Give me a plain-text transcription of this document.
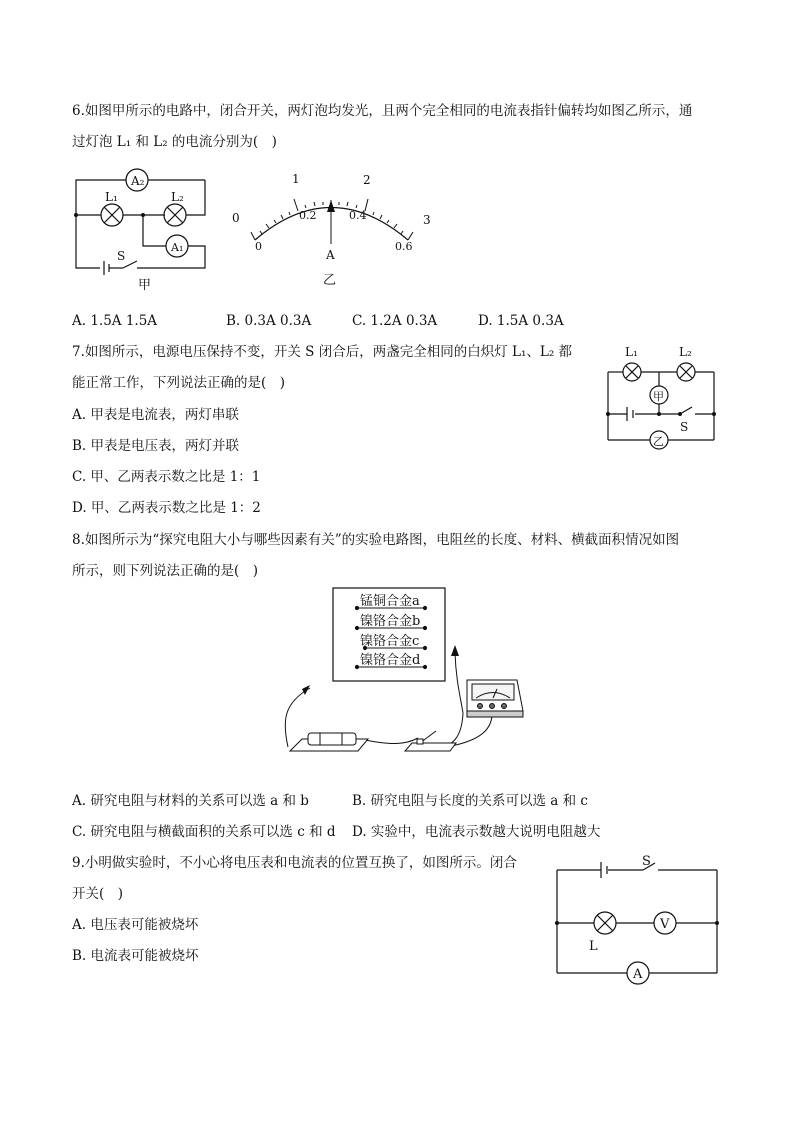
6.如图甲所示的电路中，闭合开关，两灯泡均发光，且两个完全相同的电流表指针偏转均如图乙所示，通
过灯泡 L₁ 和 L₂ 的电流分别为(　)
A₂
A₁
L₁	L₂
S
甲
0
1	2
3
0
0.2	0.4
0.6
A
乙
A. 1.5A 1.5A	B. 0.3A 0.3A	C. 1.2A 0.3A	D. 1.5A 0.3A
7.如图所示，电源电压保持不变，开关 S 闭合后，两盏完全相同的白炽灯 L₁、L₂ 都
能正常工作，下列说法正确的是(　)
A. 甲表是电流表，两灯串联
B. 甲表是电压表，两灯并联
C. 甲、乙两表示数之比是 1：1
D. 甲、乙两表示数之比是 1：2
L₁	L₂
甲
乙
S
8.如图所示为“探究电阻大小与哪些因素有关”的实验电路图，电阻丝的长度、材料、横截面积情况如图
所示，则下列说法正确的是(　)
锰铜合金a
镍铬合金b
镍铬合金c
镍铬合金d
A. 研究电阻与材料的关系可以选 a 和 b	B. 研究电阻与长度的关系可以选 a 和 c
C. 研究电阻与横截面积的关系可以选 c 和 d D. 实验中，电流表示数越大说明电阻越大
9.小明做实验时，不小心将电压表和电流表的位置互换了，如图所示。闭合
开关(　)
A. 电压表可能被烧坏
B. 电流表可能被烧坏
S
L
V
A
